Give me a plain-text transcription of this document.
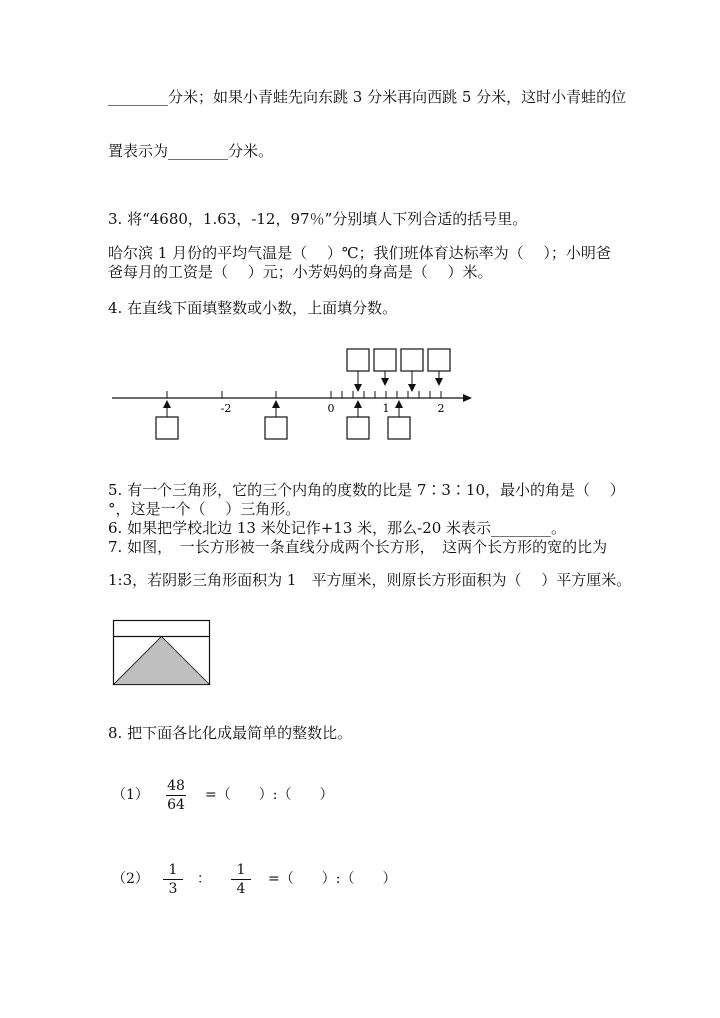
________分米；如果小青蛙先向东跳 3 分米再向西跳 5 分米，这时小青蛙的位
置表示为________分米。
3. 将“4680，1.63，-12，97％”分别填人下列合适的括号里。
哈尔滨 1 月份的平均气温是（　 ）℃；我们班体育达标率为（　 ）；小明爸
爸每月的工资是（　 ）元；小芳妈妈的身高是（　 ）米。
4. 在直线下面填整数或小数，上面填分数。
-2	0	1	2
5. 有一个三角形，它的三个内角的度数的比是 7∶3∶10，最小的角是（　 ）
°，这是一个（　 ）三角形。
6. 如果把学校北边 13 米处记作+13 米，那么-20 米表示________。
7. 如图，　一长方形被一条直线分成两个长方形，　这两个长方形的宽的比为
1:3，若阴影三角形面积为 1　平方厘米，则原长方形面积为（　 ）平方厘米。
8. 把下面各比化成最简单的整数比。
（1）
48
64
=（　　）:（　　）
（2）
1
3
：
1
4
=（　　）:（　　）
